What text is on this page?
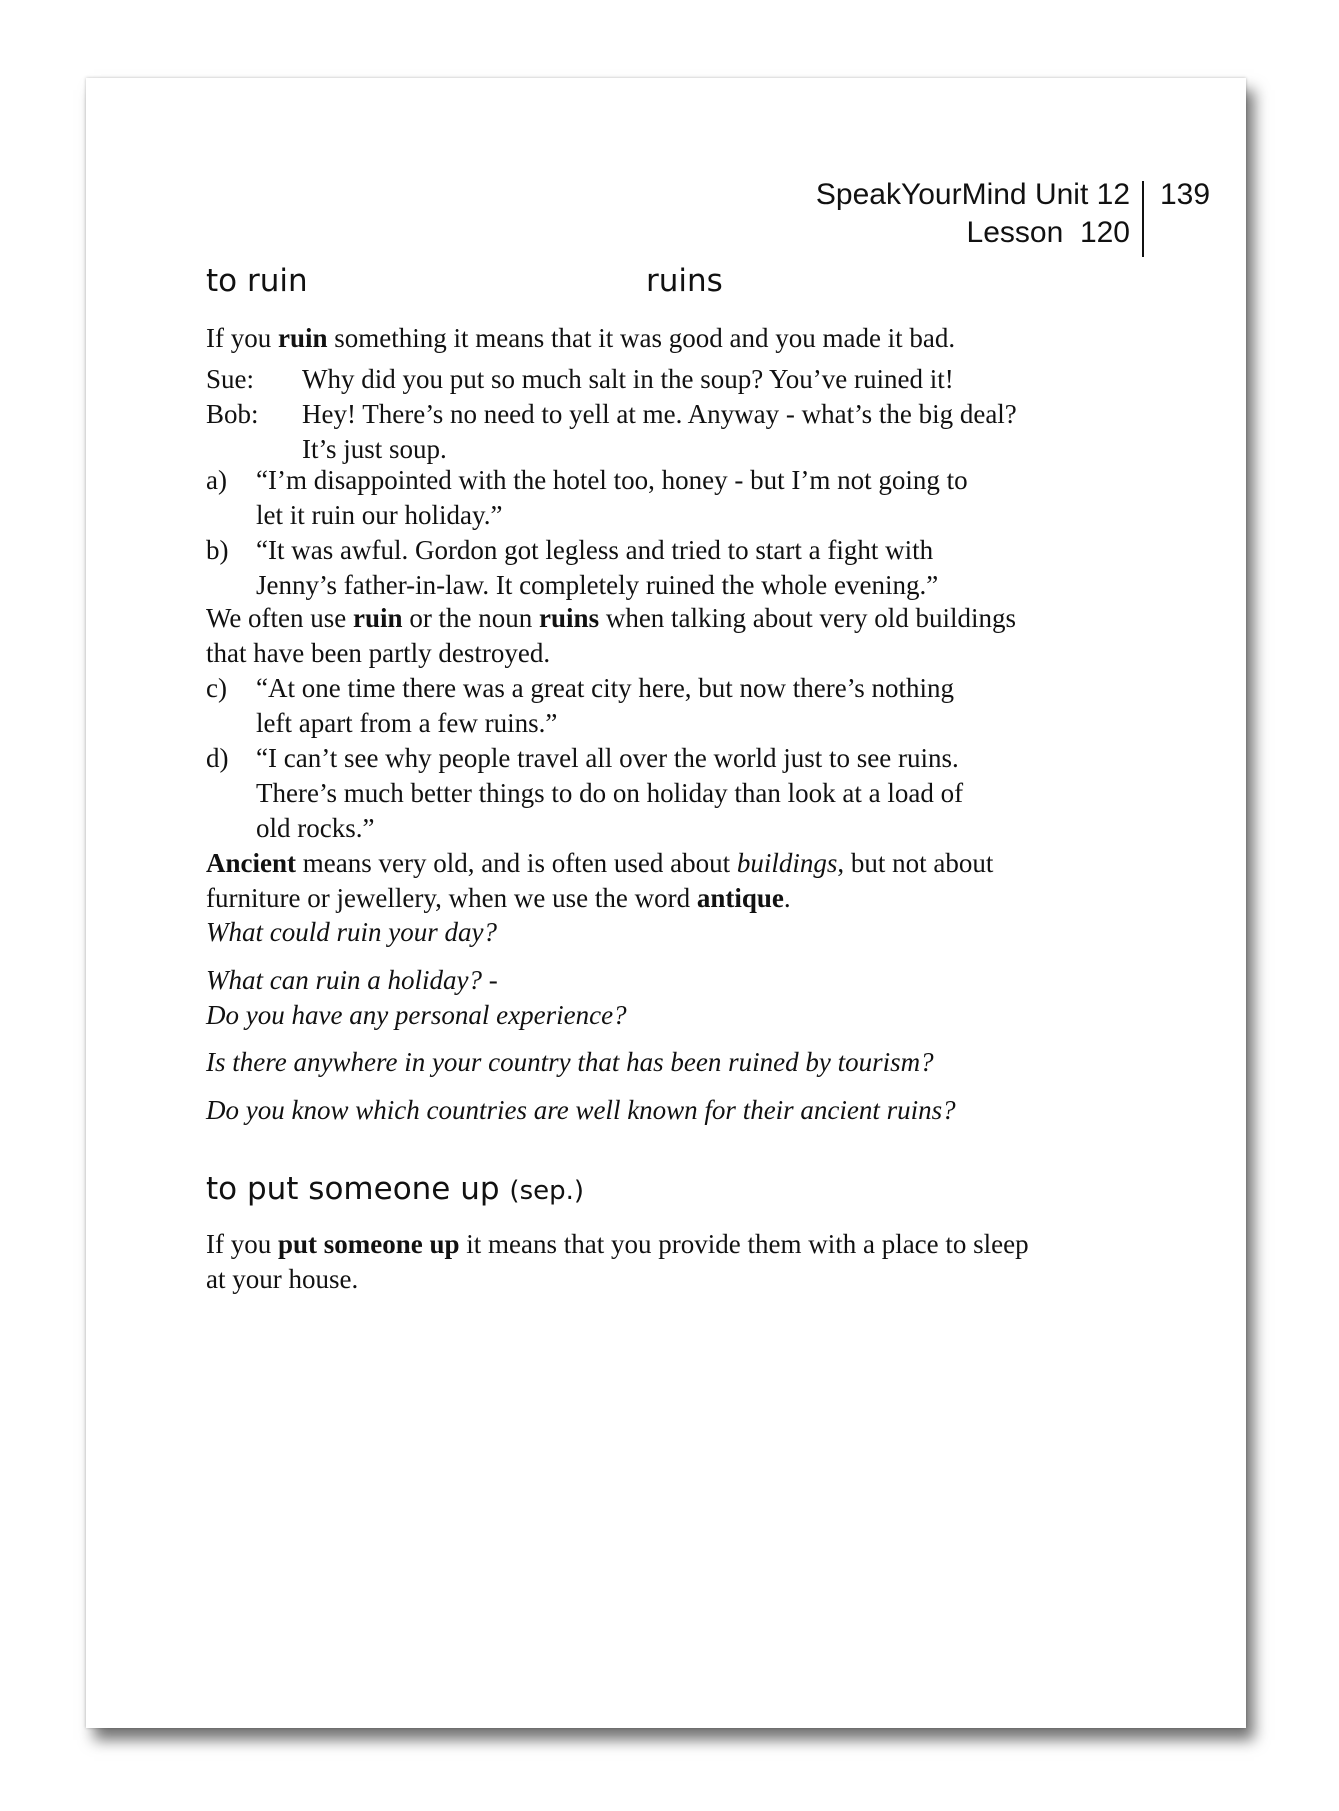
SpeakYourMind Unit 12
Lesson  120
139
to ruin	ruins

If you ruin something it means that it was good and you made it bad.

Sue:	Why did you put so much salt in the soup? You’ve ruined it!
Bob:	Hey! There’s no need to yell at me. Anyway - what’s the big deal?
It’s just soup.
a)	“I’m disappointed with the hotel too, honey - but I’m not going to
let it ruin our holiday.”
b)	“It was awful. Gordon got legless and tried to start a fight with
Jenny’s father-in-law. It completely ruined the whole evening.”
We often use ruin or the noun ruins when talking about very old buildings
that have been partly destroyed.
c)	“At one time there was a great city here, but now there’s nothing
left apart from a few ruins.”
d)	“I can’t see why people travel all over the world just to see ruins.
There’s much better things to do on holiday than look at a load of
old rocks.”
Ancient means very old, and is often used about buildings, but not about
furniture or jewellery, when we use the word antique.
What could ruin your day?
What can ruin a holiday? -
Do you have any personal experience?
Is there anywhere in your country that has been ruined by tourism?
Do you know which countries are well known for their ancient ruins?
to put someone up (sep.)
If you put someone up it means that you provide them with a place to sleep
at your house.
